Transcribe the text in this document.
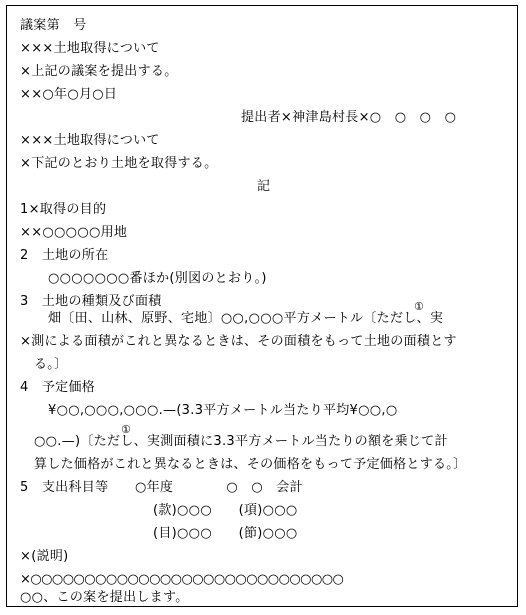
議案第　号
×××土地取得について
×上記の議案を提出する。
××○年○月○日
提出者×神津島村長×○　○　○　○
×××土地取得について
×下記のとおり土地を取得する。
記
1×取得の目的
××○○○○○用地
2　土地の所在
○○○○○○○番ほか(別図のとおり。)
3　土地の種類及び面積	①
畑〔田、山林、原野、宅地〕○○,○○○平方メートル〔ただし、実
×測による面積がこれと異なるときは、その面積をもって土地の面積とす
る。〕
4　予定価格
¥○○,○○○,○○○.—(3.3平方メートル当たり平均¥○○,○
①
○○.—)〔ただし、実測面積に3.3平方メートル当たりの額を乗じて計
算した価格がこれと異なるときは、その価格をもって予定価格とする。〕
5　支出科目等　　○年度　　　　○　○　会計
(款)○○○　　(項)○○○
(目)○○○　　(節)○○○
×(説明)
×○○○○○○○○○○○○○○○○○○○○○○○○○○○○○
○○、この案を提出します。
